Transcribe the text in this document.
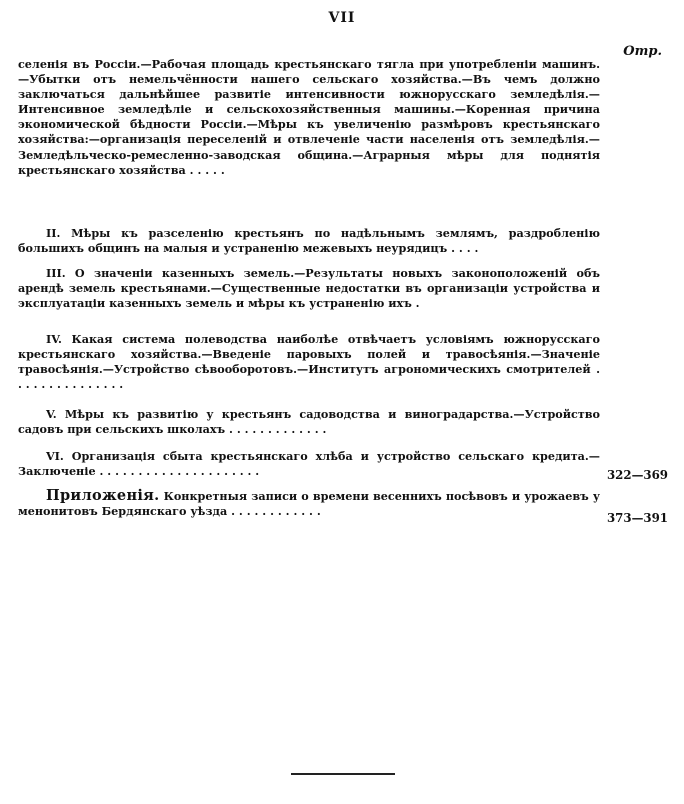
VII
Отр.
селенія въ Россіи.—Рабочая площадь крестьянскаго тягла при употребленіи машинъ.—Убытки отъ немельчённости нашего сельскаго хозяйства.—Въ чемъ должно заключаться дальнѣйшее развитіе интенсивности южнорусскаго земледѣлія.—Интенсивное земледѣліе и сельскохозяйственныя машины.—Коренная причина экономической бѣдности Россіи.—Мѣры къ увеличенію размѣровъ крестьянскаго хозяйства:—организація переселеній и отвлеченіе части населенія отъ земледѣлія.—Земледѣльческо-ремесленно-заводская община.—Аграрныя мѣры для поднятія крестьянскаго хозяйства . . . . .
II. Мѣры къ разселенію крестьянъ по надѣльнымъ землямъ, раздробленію большихъ общинъ на малыя и устраненію межевыхъ неурядицъ . . . .
III. О значеніи казенныхъ земель.—Результаты новыхъ законоположеній объ арендѣ земель крестьянами.—Существенные недостатки въ организаціи устройства и эксплуатаціи казенныхъ земель и мѣры къ устраненію ихъ .
IV. Какая система полеводства наиболѣе отвѣчаетъ условіямъ южнорусскаго крестьянскаго хозяйства.—Введеніе паровыхъ полей и травосѣянія.—Значеніе травосѣянія.—Устройство сѣвооборотовъ.—Институтъ агрономическихъ смотрителей . . . . . . . . . . . . . . .
V. Мѣры къ развитію у крестьянъ садоводства и виноградарства.—Устройство садовъ при сельскихъ школахъ . . . . . . . . . . . . .
VI. Организація сбыта крестьянскаго хлѣба и устройство сельскаго кредита.—Заключеніе . . . . . . . . . . . . . . . . . . . . .	322—369
Приложенія. Конкретныя записи о времени весеннихъ посѣвовъ и урожаевъ у менонитовъ Бердянскаго уѣзда . . . . . . . . . . . .	373—391
